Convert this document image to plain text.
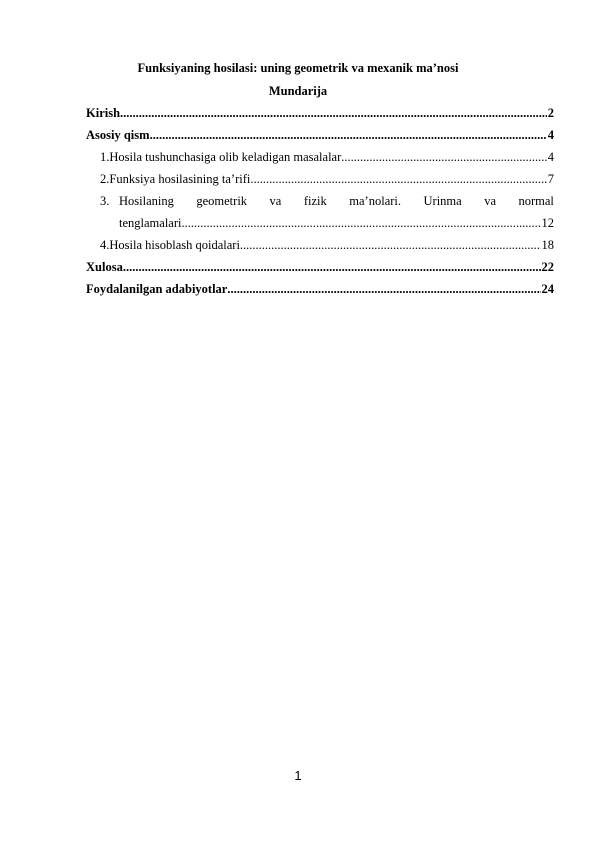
Funksiyaning hosilasi: uning geometrik va mexanik ma’nosi
Mundarija
Kirish .....	2
Asosiy qism .....	4
1. Hosila tushunchasiga olib keladigan masalalar .....	4
2. Funksiya hosilasining ta’rifi .....	7
3. Hosilaning geometrik va fizik ma’nolari. Urinma va normal
tenglamalari .....	12
4. Hosila hisoblash qoidalari .....	18
Xulosa .....	22
Foydalanilgan adabiyotlar .....	24
1
